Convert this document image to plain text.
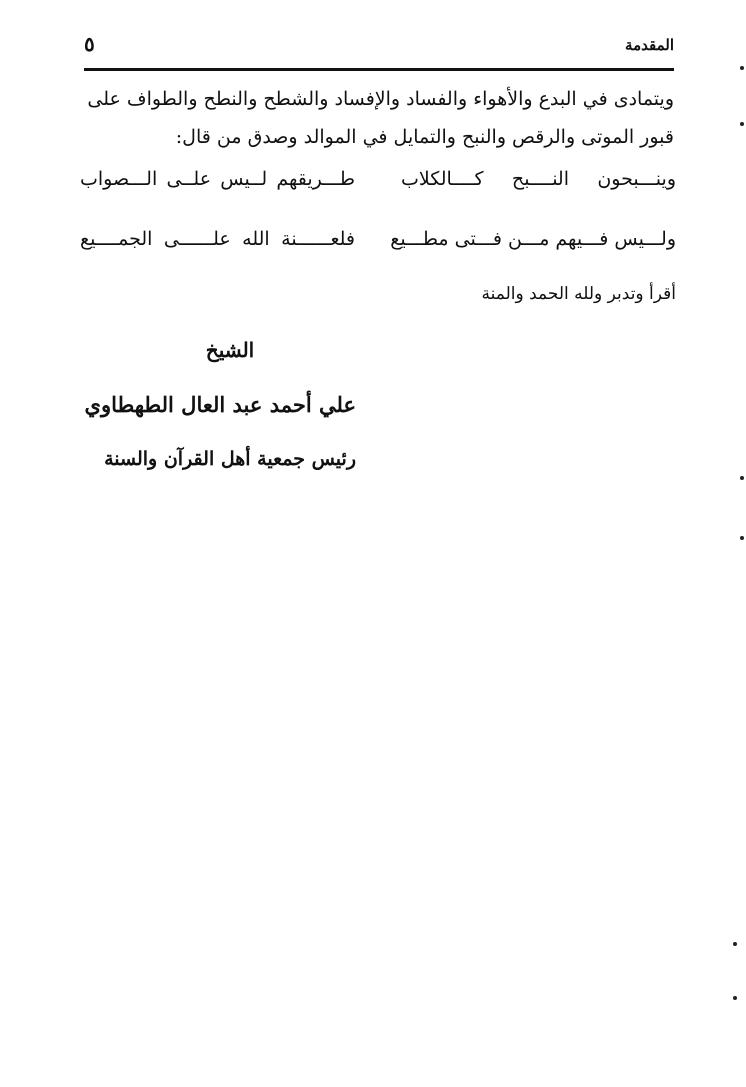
المقدمة
٥
ويتمادى في البدع والأهواء والفساد والإفساد والشطح والنطح والطواف على
قبور الموتى والرقص والنبح والتمايل في الموالد وصدق من قال:
وينـــبحون النــــبح كــــالكلاب
طـــريقهم لــيس علــى الـــصواب
ولـــيس فـــيهم مـــن فـــتى مطـــيع
فلعــــــنة الله علــــــى الجمــــيع
أقرأ وتدبر ولله الحمد والمنة
الشيخ
علي أحمد عبد العال الطهطاوي
رئيس جمعية أهل القرآن والسنة
